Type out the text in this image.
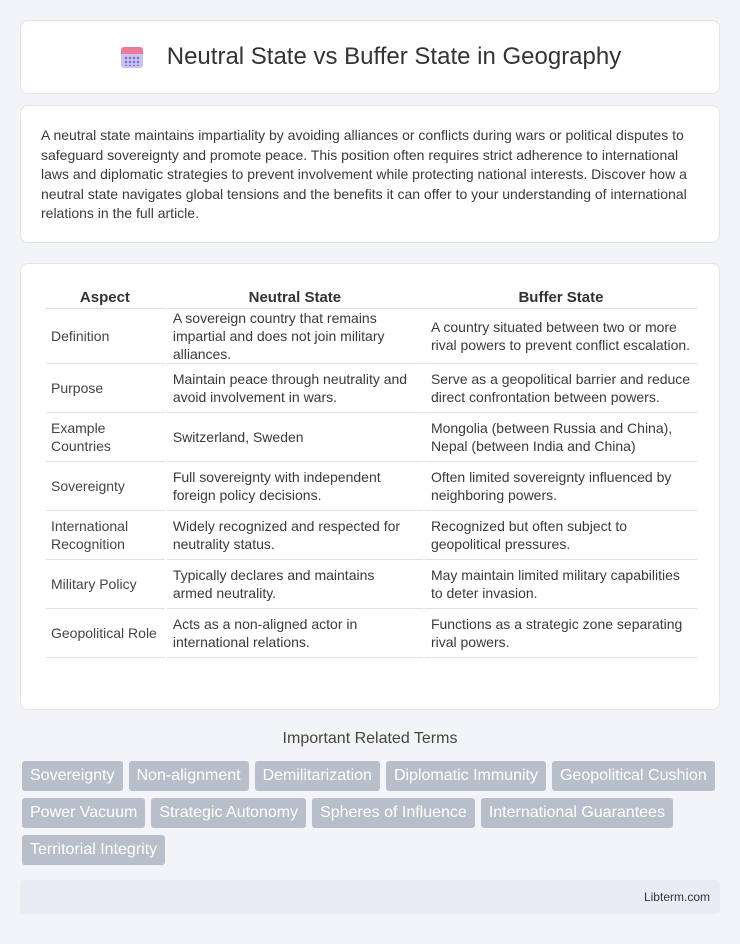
Neutral State vs Buffer State in Geography

A neutral state maintains impartiality by avoiding alliances or conflicts during wars or political disputes to safeguard sovereignty and promote peace. This position often requires strict adherence to international laws and diplomatic strategies to prevent involvement while protecting national interests. Discover how a neutral state navigates global tensions and the benefits it can offer to your understanding of international relations in the full article.

Aspect	Neutral State	Buffer State
Definition	A sovereign country that remains impartial and does not join military alliances.	A country situated between two or more rival powers to prevent conflict escalation.
Purpose	Maintain peace through neutrality and avoid involvement in wars.	Serve as a geopolitical barrier and reduce direct confrontation between powers.
Example Countries	Switzerland, Sweden	Mongolia (between Russia and China), Nepal (between India and China)
Sovereignty	Full sovereignty with independent foreign policy decisions.	Often limited sovereignty influenced by neighboring powers.
International Recognition	Widely recognized and respected for neutrality status.	Recognized but often subject to geopolitical pressures.
Military Policy	Typically declares and maintains armed neutrality.	May maintain limited military capabilities to deter invasion.
Geopolitical Role	Acts as a non-aligned actor in international relations.	Functions as a strategic zone separating rival powers.
Important Related Terms
Sovereignty	Non-alignment	Demilitarization	Diplomatic Immunity	Geopolitical Cushion
Power Vacuum	Strategic Autonomy	Spheres of Influence	International Guarantees
Territorial Integrity
Libterm.com
